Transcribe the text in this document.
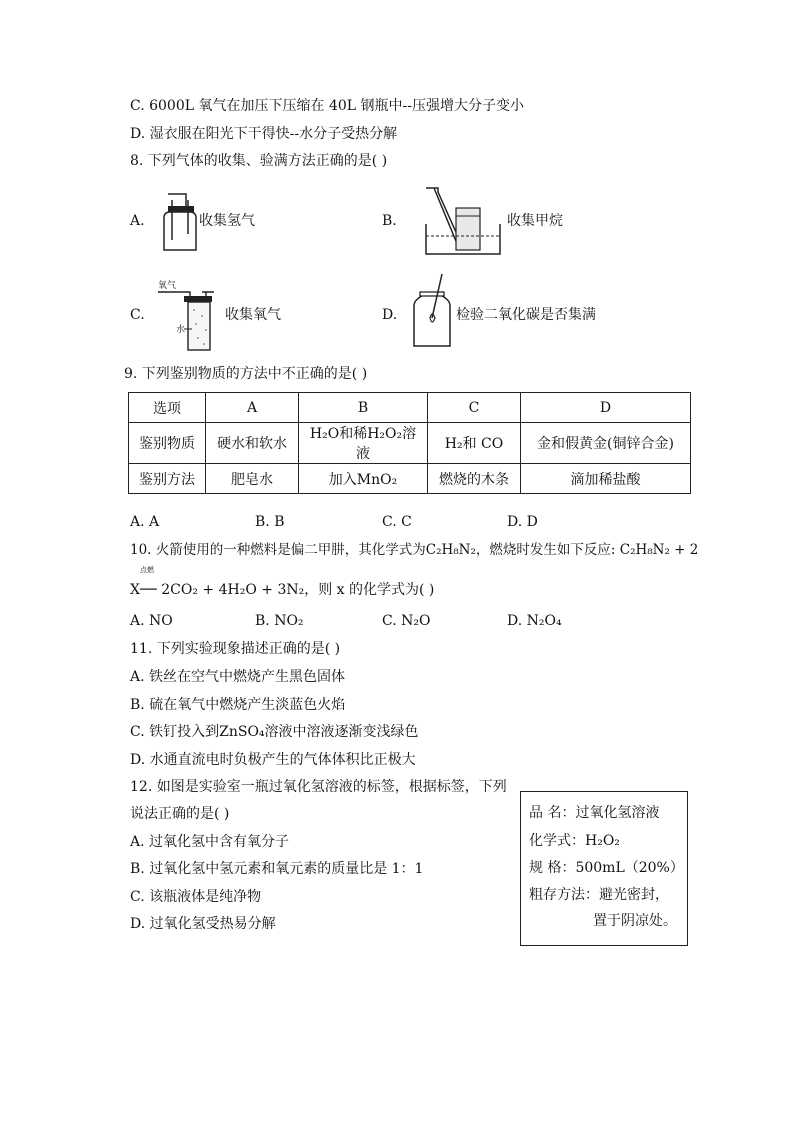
C. 6000L 氧气在加压下压缩在 40L 钢瓶中--压强增大分子变小
D. 湿衣服在阳光下干得快--水分子受热分解
8. 下列气体的收集、验满方法正确的是( )
A.	收集氢气	B.	收集甲烷
C.
氧气
水
收集氧气	D.	检验二氧化碳是否集满
9. 下列鉴别物质的方法中不正确的是( )
选项	A	B	C	D
鉴别物质	硬水和软水	H₂O和稀H₂O₂溶液	H₂和 CO	金和假黄金(铜锌合金)
鉴别方法	肥皂水	加入MnO₂	燃烧的木条	滴加稀盐酸
A. A	B. B	C. C	D. D
10. 火箭使用的一种燃料是偏二甲肼，其化学式为C₂H₈N₂，燃烧时发生如下反应: C₂H₈N₂ + 2
点燃
X── 2CO₂ + 4H₂O + 3N₂，则 x 的化学式为( )
A. NO	B. NO₂	C. N₂O	D. N₂O₄
11. 下列实验现象描述正确的是( )
A. 铁丝在空气中燃烧产生黑色固体
B. 硫在氧气中燃烧产生淡蓝色火焰
C. 铁钉投入到ZnSO₄溶液中溶液逐渐变浅绿色
D. 水通直流电时负极产生的气体体积比正极大
12. 如图是实验室一瓶过氧化氢溶液的标签，根据标签，下列
说法正确的是( )
A. 过氧化氢中含有氧分子
B. 过氧化氢中氢元素和氧元素的质量比是 1：1
C. 该瓶液体是纯净物
D. 过氧化氢受热易分解
品 名：过氧化氢溶液
化学式：H₂O₂
规 格：500mL（20%）
粗存方法：避光密封，
置于阴凉处。
